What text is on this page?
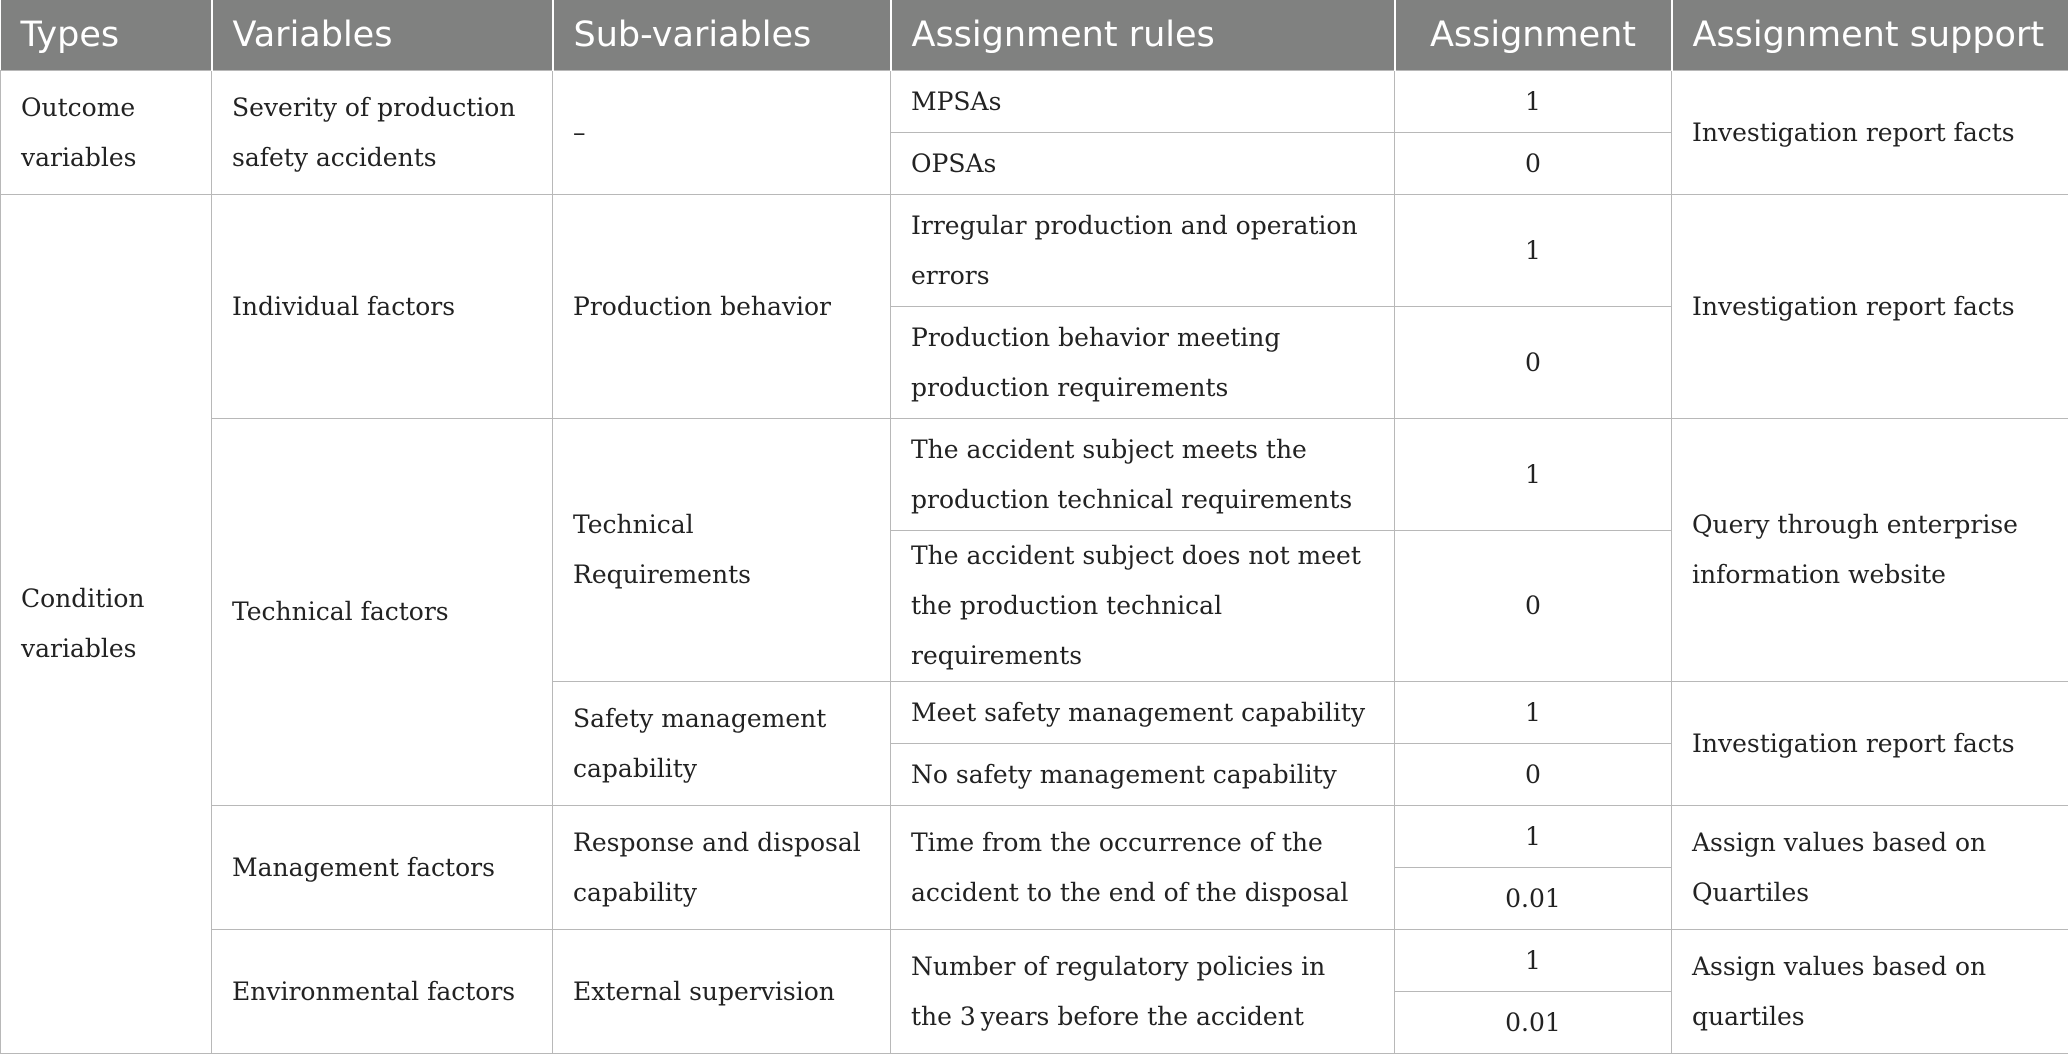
Types	Variables	Sub-variables	Assignment rules	Assignment	Assignment support
Outcome variables	Severity of production safety accidents	–	MPSAs	1	Investigation report facts
			OPSAs	0	
Condition variables	Individual factors	Production behavior	Irregular production and operation errors	1	Investigation report facts
			Production behavior meeting production requirements	0	
	Technical factors	Technical Requirements	The accident subject meets the production technical requirements	1	Query through enterprise information website
			The accident subject does not meet the production technical requirements	0	
		Safety management capability	Meet safety management capability	1	Investigation report facts
			No safety management capability	0	
	Management factors	Response and disposal capability	Time from the occurrence of the accident to the end of the disposal	1	Assign values based on Quartiles
				0.01	
	Environmental factors	External supervision	Number of regulatory policies in the 3 years before the accident	1	Assign values based on quartiles
				0.01	
